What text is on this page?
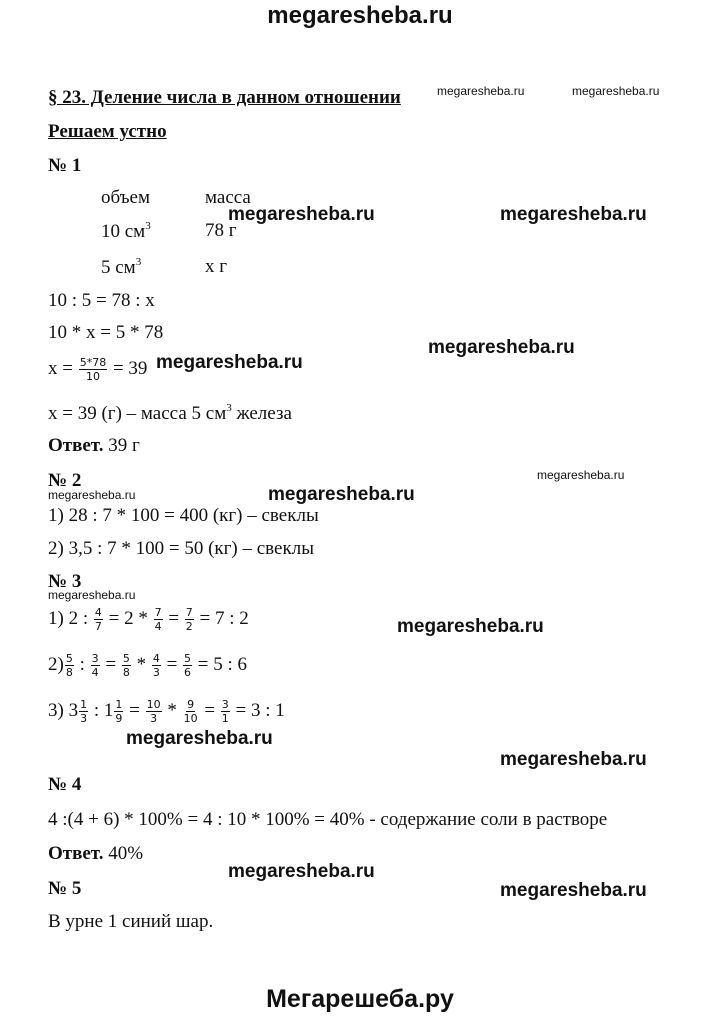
megaresheba.ru
Мегарешеба.ру
megaresheba.ru	megaresheba.ru
megaresheba.ru	megaresheba.ru
megaresheba.ru
megaresheba.ru
megaresheba.ru
megaresheba.ru	megaresheba.ru
megaresheba.ru
megaresheba.ru
megaresheba.ru
megaresheba.ru
megaresheba.ru
megaresheba.ru
§ 23. Деление числа в данном отношении
Решаем устно
№ 1
объем	масса
10 $см^3$	78 г
5 $см^3$	х г
10 : 5 = 78 : х
10 * х = 5 * 78
$х = \frac{5*78}{10} = 39$
х = 39 (г) – масса 5 $см^3$ железа
Ответ. 39 г
№ 2
1) 28 : 7 * 100 = 400 (кг) – свеклы
2) 3,5 : 7 * 100 = 50 (кг) – свеклы
№ 3
1) 2 : $\frac{4}{7} = 2 * \frac{7}{4} = \frac{7}{2} = 7$ : 2
$2) \frac{5}{8}$ : $\frac{3}{4} = \frac{5}{8} * \frac{4}{3} = \frac{5}{6} = 5$ : 6
3) $3 \frac{1}{3}$ : $1 \frac{1}{9} = \frac{10}{3} * \frac{9}{10} = \frac{3}{1} = 3$ : 1
№ 4
4 :(4 + 6) * 100% = 4 : 10 * 100% = 40% - содержание соли в растворе
Ответ. 40%
№ 5
В урне 1 синий шар.
